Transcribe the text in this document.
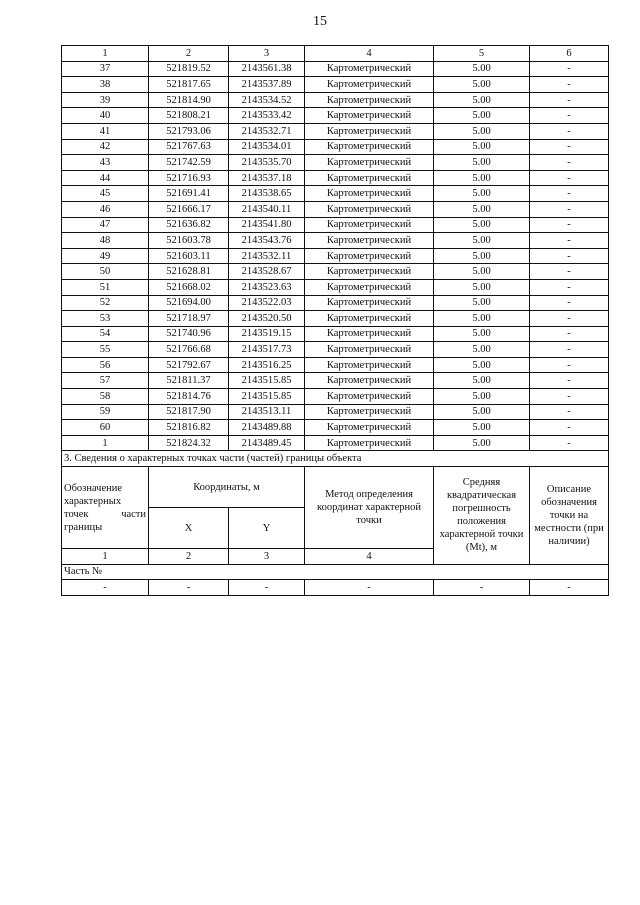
15
1	2	3	4	5	6	
37	521819.52	2143561.38	Картометрический	5.00	-	
38	521817.65	2143537.89	Картометрический	5.00	-	
39	521814.90	2143534.52	Картометрический	5.00	-	
40	521808.21	2143533.42	Картометрический	5.00	-	
41	521793.06	2143532.71	Картометрический	5.00	-	
42	521767.63	2143534.01	Картометрический	5.00	-	
43	521742.59	2143535.70	Картометрический	5.00	-	
44	521716.93	2143537.18	Картометрический	5.00	-	
45	521691.41	2143538.65	Картометрический	5.00	-	
46	521666.17	2143540.11	Картометрический	5.00	-	
47	521636.82	2143541.80	Картометрический	5.00	-	
48	521603.78	2143543.76	Картометрический	5.00	-	
49	521603.11	2143532.11	Картометрический	5.00	-	
50	521628.81	2143528.67	Картометрический	5.00	-	
51	521668.02	2143523.63	Картометрический	5.00	-	
52	521694.00	2143522.03	Картометрический	5.00	-	
53	521718.97	2143520.50	Картометрический	5.00	-	
54	521740.96	2143519.15	Картометрический	5.00	-	
55	521766.68	2143517.73	Картометрический	5.00	-	
56	521792.67	2143516.25	Картометрический	5.00	-	
57	521811.37	2143515.85	Картометрический	5.00	-	
58	521814.76	2143515.85	Картометрический	5.00	-	
59	521817.90	2143513.11	Картометрический	5.00	-	
60	521816.82	2143489.88	Картометрический	5.00	-	
1	521824.32	2143489.45	Картометрический	5.00	-	
3. Сведения о характерных точках части (частей) границы объекта						
Обозначение характерных точек части границы	Координаты, м		Метод определения координат характерной точки	Средняя квадратическая погрешность положения характерной точки (Mt), м	Описание обозначения точки на местности (при наличии)	
	X	Y				
1	2	3	4		
Часть №						
-	-	-	-	-	-	
